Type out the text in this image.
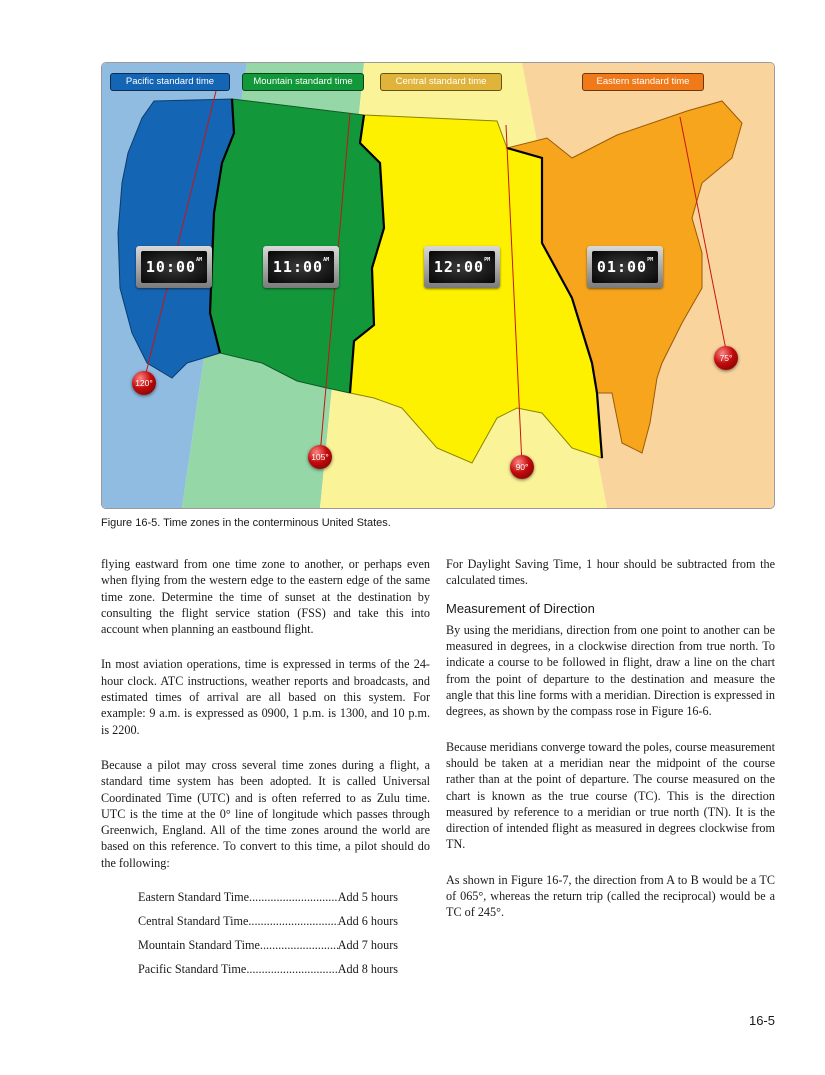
Pacific standard time	Mountain standard time	Central standard time	Eastern standard time
$10:00^{AM}$	$11:00^{AM}$	$12:00^{PM}$	$01:00^{PM}$
120°
105°
90°
75°
Figure 16-5. Time zones in the conterminous United States.

flying eastward from one time zone to another, or perhaps even when flying from the western edge to the eastern edge of the same time zone. Determine the time of sunset at the destination by consulting the flight service station (FSS) and take this into account when planning an eastbound flight.

In most aviation operations, time is expressed in terms of the 24-hour clock. ATC instructions, weather reports and broadcasts, and estimated times of arrival are all based on this system. For example: 9 a.m. is expressed as 0900, 1 p.m. is 1300, and 10 p.m. is 2200.

Because a pilot may cross several time zones during a flight, a standard time system has been adopted. It is called Universal Coordinated Time (UTC) and is often referred to as Zulu time. UTC is the time at the 0° line of longitude which passes through Greenwich, England. All of the time zones around the world are based on this reference. To convert to this time, a pilot should do the following:

Eastern Standard Time .....	Add 5 hours
Central Standard Time .....	Add 6 hours
Mountain Standard Time .....	Add 7 hours
Pacific Standard Time .....	Add 8 hours

For Daylight Saving Time, 1 hour should be subtracted from the calculated times.

Measurement of Direction

By using the meridians, direction from one point to another can be measured in degrees, in a clockwise direction from true north. To indicate a course to be followed in flight, draw a line on the chart from the point of departure to the destination and measure the angle that this line forms with a meridian. Direction is expressed in degrees, as shown by the compass rose in Figure 16-6.

Because meridians converge toward the poles, course measurement should be taken at a meridian near the midpoint of the course rather than at the point of departure. The course measured on the chart is known as the true course (TC). This is the direction measured by reference to a meridian or true north (TN). It is the direction of intended flight as measured in degrees clockwise from TN.

As shown in Figure 16-7, the direction from A to B would be a TC of 065°, whereas the return trip (called the reciprocal) would be a TC of 245°.

16-5
